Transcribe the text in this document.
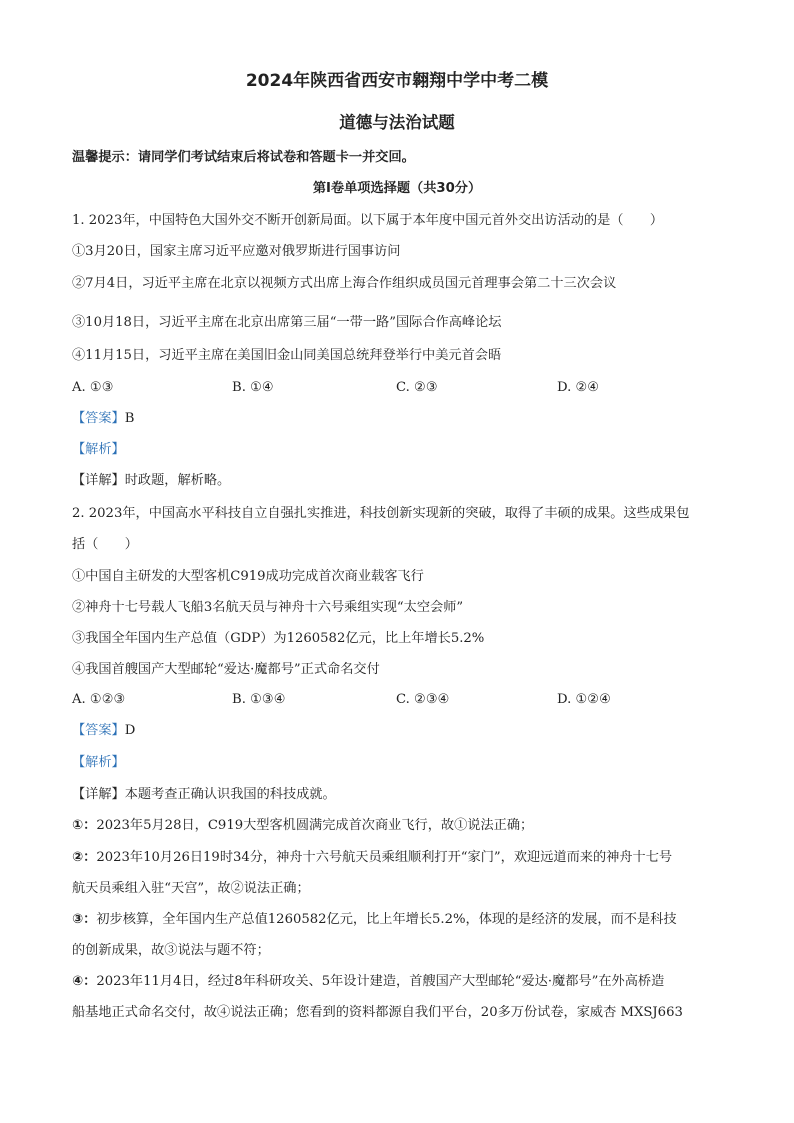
2024年陕西省西安市翱翔中学中考二模
道德与法治试题
温馨提示：请同学们考试结束后将试卷和答题卡一并交回。
第Ⅰ卷单项选择题（共30分）
1. 2023年，中国特色大国外交不断开创新局面。以下属于本年度中国元首外交出访活动的是（　　）
①3月20日，国家主席习近平应邀对俄罗斯进行国事访问
②7月4日，习近平主席在北京以视频方式出席上海合作组织成员国元首理事会第二十三次会议
③10月18日，习近平主席在北京出席第三届“一带一路”国际合作高峰论坛
④11月15日，习近平主席在美国旧金山同美国总统拜登举行中美元首会晤
A. ①③	B. ①④	C. ②③	D. ②④
【答案】B
【解析】
【详解】时政题，解析略。
2. 2023年，中国高水平科技自立自强扎实推进，科技创新实现新的突破，取得了丰硕的成果。这些成果包
括（　　）
①中国自主研发的大型客机C919成功完成首次商业载客飞行
②神舟十七号载人飞船3名航天员与神舟十六号乘组实现“太空会师”
③我国全年国内生产总值（GDP）为1260582亿元，比上年增长5.2%
④我国首艘国产大型邮轮“爱达·魔都号”正式命名交付
A. ①②③	B. ①③④	C. ②③④	D. ①②④
【答案】D
【解析】
【详解】本题考查正确认识我国的科技成就。
①：2023年5月28日，C919大型客机圆满完成首次商业飞行，故①说法正确；
②：2023年10月26日19时34分，神舟十六号航天员乘组顺利打开“家门”，欢迎远道而来的神舟十七号
航天员乘组入驻“天宫”，故②说法正确；
③：初步核算，全年国内生产总值1260582亿元，比上年增长5.2%，体现的是经济的发展，而不是科技
的创新成果，故③说法与题不符；
④：2023年11月4日，经过8年科研攻关、5年设计建造，首艘国产大型邮轮“爱达·魔都号”在外高桥造
船基地正式命名交付，故④说法正确；您看到的资料都源自我们平台，20多万份试卷，家威杏 MXSJ663
